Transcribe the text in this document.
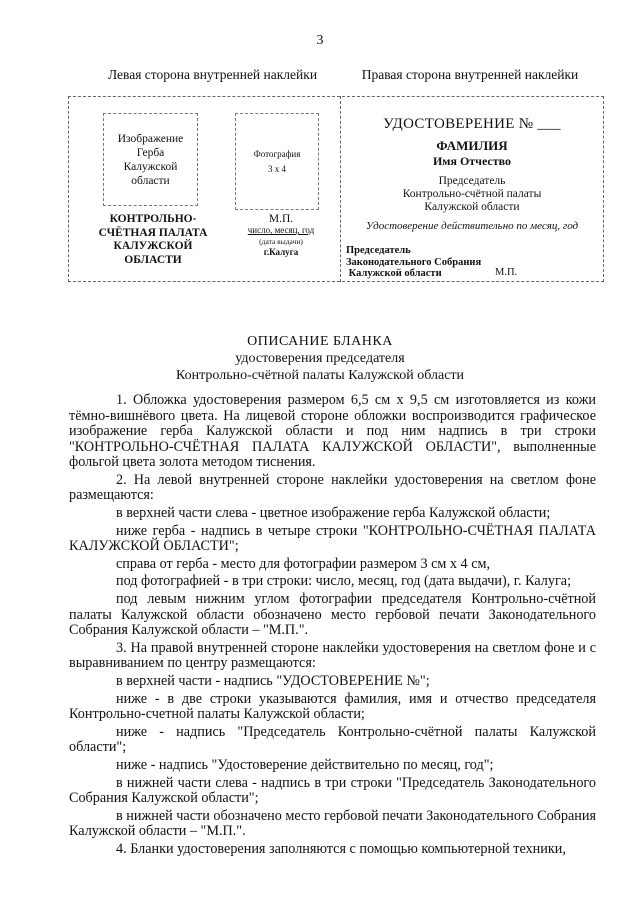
3
Левая сторона внутренней наклейки	Правая сторона внутренней наклейки
Изображение
Герба
Калужской
области
Фотография
3 х 4
КОНТРОЛЬНО-
СЧЁТНАЯ ПАЛАТА
КАЛУЖСКОЙ
ОБЛАСТИ
М.П.
число, месяц, год
(дата выдачи)
г.Калуга
УДОСТОВЕРЕНИЕ № ___
ФАМИЛИЯ
Имя Отчество
Председатель
Контрольно-счётной палаты
Калужской области
Удостоверение действительно по месяц, год
Председатель
Законодательного Собрания
Калужской области	М.П.
ОПИСАНИЕ БЛАНКА
удостоверения председателя
Контрольно-счётной палаты Калужской области

1. Обложка удостоверения размером 6,5 см х 9,5 см изготовляется из кожи тёмно-вишнёвого цвета. На лицевой стороне обложки воспроизводится графическое изображение герба Калужской области и под ним надпись в три строки "КОНТРОЛЬНО-СЧЁТНАЯ ПАЛАТА КАЛУЖСКОЙ ОБЛАСТИ", выполненные фольгой цвета золота методом тиснения.

2. На левой внутренней стороне наклейки удостоверения на светлом фоне размещаются:

в верхней части слева - цветное изображение герба Калужской области;

ниже герба - надпись в четыре строки "КОНТРОЛЬНО-СЧЁТНАЯ ПАЛАТА КАЛУЖСКОЙ ОБЛАСТИ";

справа от герба - место для фотографии размером 3 см х 4 см,

под фотографией - в три строки: число, месяц, год (дата выдачи), г. Калуга;

под левым нижним углом фотографии председателя Контрольно-счётной палаты Калужской области обозначено место гербовой печати Законодательного Собрания Калужской области – "М.П.".

3. На правой внутренней стороне наклейки удостоверения на светлом фоне и с выравниванием по центру размещаются:

в верхней части - надпись "УДОСТОВЕРЕНИЕ №";

ниже - в две строки указываются фамилия, имя и отчество председателя Контрольно-счетной палаты Калужской области;

ниже - надпись "Председатель Контрольно-счётной палаты Калужской области";

ниже - надпись "Удостоверение действительно по месяц, год";

в нижней части слева - надпись в три строки "Председатель Законодательного Собрания Калужской области";

в нижней части обозначено место гербовой печати Законодательного Собрания Калужской области – "М.П.".

4. Бланки удостоверения заполняются с помощью компьютерной техники,
